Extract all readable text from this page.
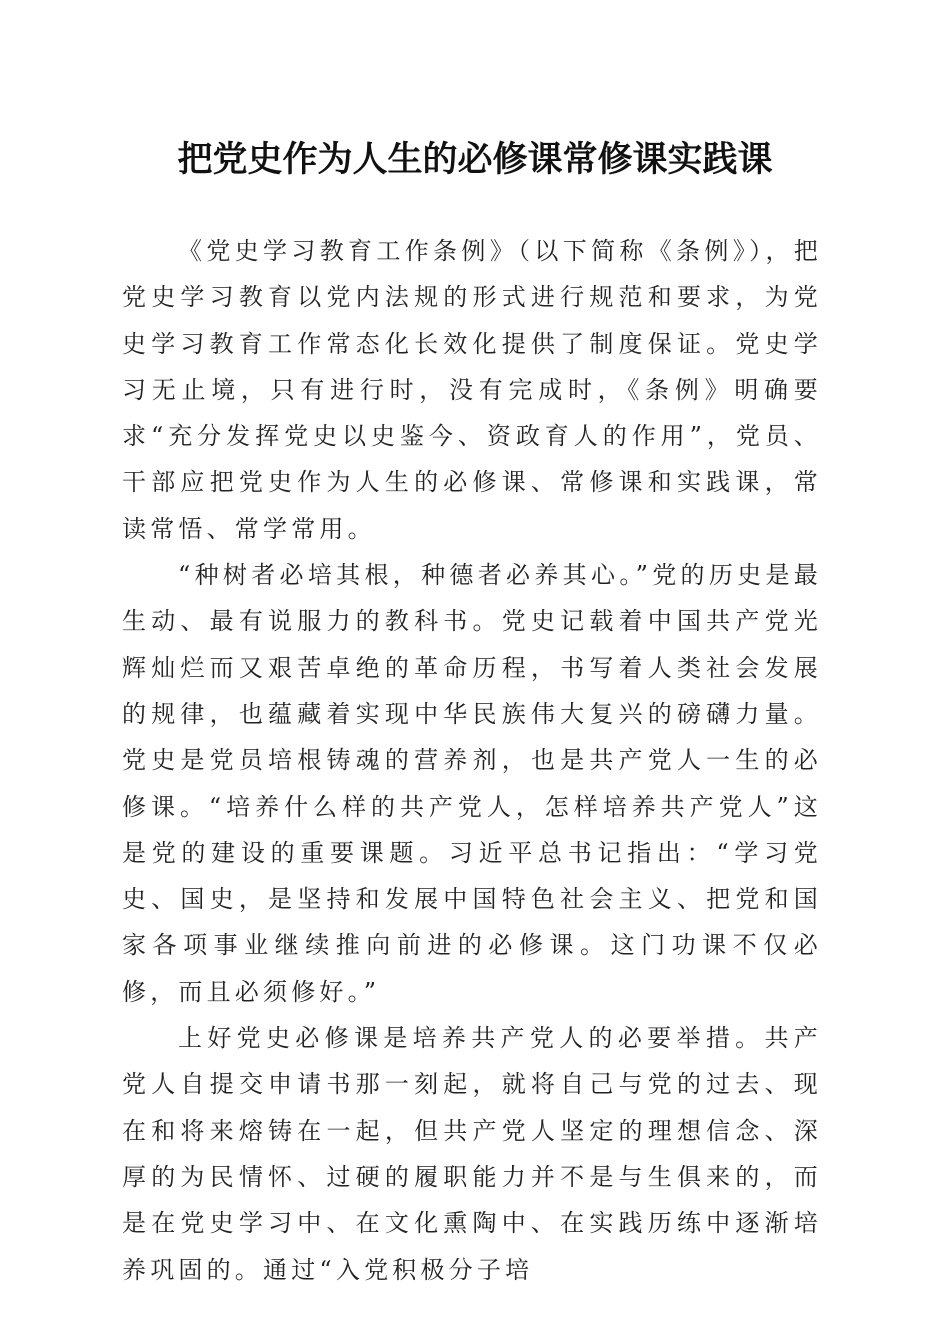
把党史作为人生的必修课常修课实践课

《党史学习教育工作条例》（以下简称《条例》），把党史学习教育以党内法规的形式进行规范和要求，为党史学习教育工作常态化长效化提供了制度保证。党史学习无止境，只有进行时，没有完成时，《条例》明确要求“充分发挥党史以史鉴今、资政育人的作用”，党员、干部应把党史作为人生的必修课、常修课和实践课，常读常悟、常学常用。

“种树者必培其根，种德者必养其心。”党的历史是最生动、最有说服力的教科书。党史记载着中国共产党光辉灿烂而又艰苦卓绝的革命历程，书写着人类社会发展的规律，也蕴藏着实现中华民族伟大复兴的磅礴力量。党史是党员培根铸魂的营养剂，也是共产党人一生的必修课。“培养什么样的共产党人，怎样培养共产党人”这是党的建设的重要课题。习近平总书记指出：“学习党史、国史，是坚持和发展中国特色社会主义、把党和国家各项事业继续推向前进的必修课。这门功课不仅必修，而且必须修好。”

上好党史必修课是培养共产党人的必要举措。共产党人自提交申请书那一刻起，就将自己与党的过去、现在和将来熔铸在一起，但共产党人坚定的理想信念、深厚的为民情怀、过硬的履职能力并不是与生俱来的，而是在党史学习中、在文化熏陶中、在实践历练中逐渐培养巩固的。通过“入党积极分子培
